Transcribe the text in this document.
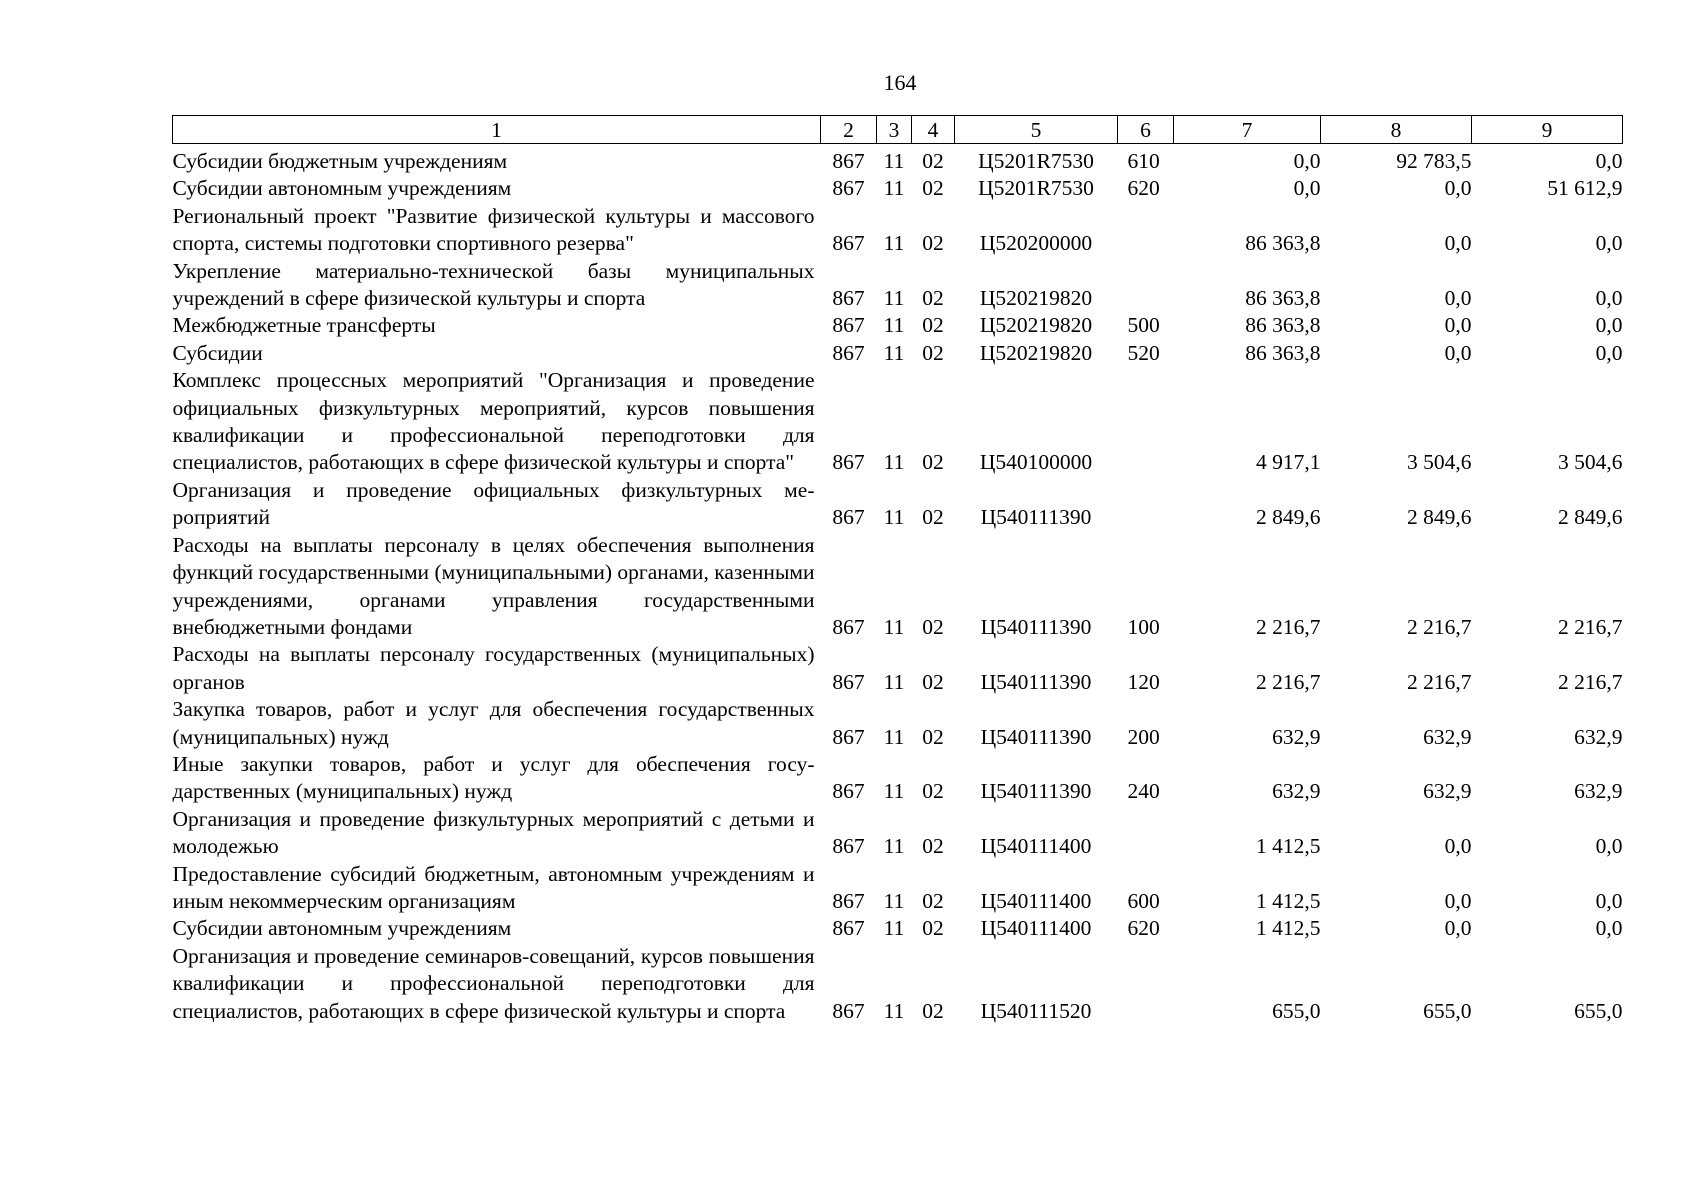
164
1	2	3	4	5	6	7	8	9
Субсидии бюджетным учреждениям	867	11	02	Ц5201R7530	610	0,0	92 783,5	0,0
Субсидии автономным учреждениям	867	11	02	Ц5201R7530	620	0,0	0,0	51 612,9
Региональный проект "Развитие физической культуры и массового спорта, системы подготовки спортивного резерва"	867	11	02	Ц520200000		86 363,8	0,0	0,0
Укрепление материально-технической базы муниципальных учреждений в сфере физической культуры и спорта	867	11	02	Ц520219820		86 363,8	0,0	0,0
Межбюджетные трансферты	867	11	02	Ц520219820	500	86 363,8	0,0	0,0
Субсидии	867	11	02	Ц520219820	520	86 363,8	0,0	0,0
Комплекс процессных мероприятий "Организация и проведение официальных физкультурных мероприятий, курсов повышения квалификации и профессиональной переподготовки для специалистов, работающих в сфере физической культуры и спорта"	867	11	02	Ц540100000		4 917,1	3 504,6	3 504,6
Организация и проведение официальных физкультурных мероприятий	867	11	02	Ц540111390		2 849,6	2 849,6	2 849,6
Расходы на выплаты персоналу в целях обеспечения выполнения функций государственными (муниципальными) органами, казенными учреждениями, органами управления государственными внебюджетными фондами	867	11	02	Ц540111390	100	2 216,7	2 216,7	2 216,7
Расходы на выплаты персоналу государственных (муниципальных) органов	867	11	02	Ц540111390	120	2 216,7	2 216,7	2 216,7
Закупка товаров, работ и услуг для обеспечения государственных (муниципальных) нужд	867	11	02	Ц540111390	200	632,9	632,9	632,9
Иные закупки товаров, работ и услуг для обеспечения государственных (муниципальных) нужд	867	11	02	Ц540111390	240	632,9	632,9	632,9
Организация и проведение физкультурных мероприятий с детьми и молодежью	867	11	02	Ц540111400		1 412,5	0,0	0,0
Предоставление субсидий бюджетным, автономным учреждениям и иным некоммерческим организациям	867	11	02	Ц540111400	600	1 412,5	0,0	0,0
Субсидии автономным учреждениям	867	11	02	Ц540111400	620	1 412,5	0,0	0,0
Организация и проведение семинаров-совещаний, курсов повышения квалификации и профессиональной переподготовки для специалистов, работающих в сфере физической культуры и спорта	867	11	02	Ц540111520		655,0	655,0	655,0
